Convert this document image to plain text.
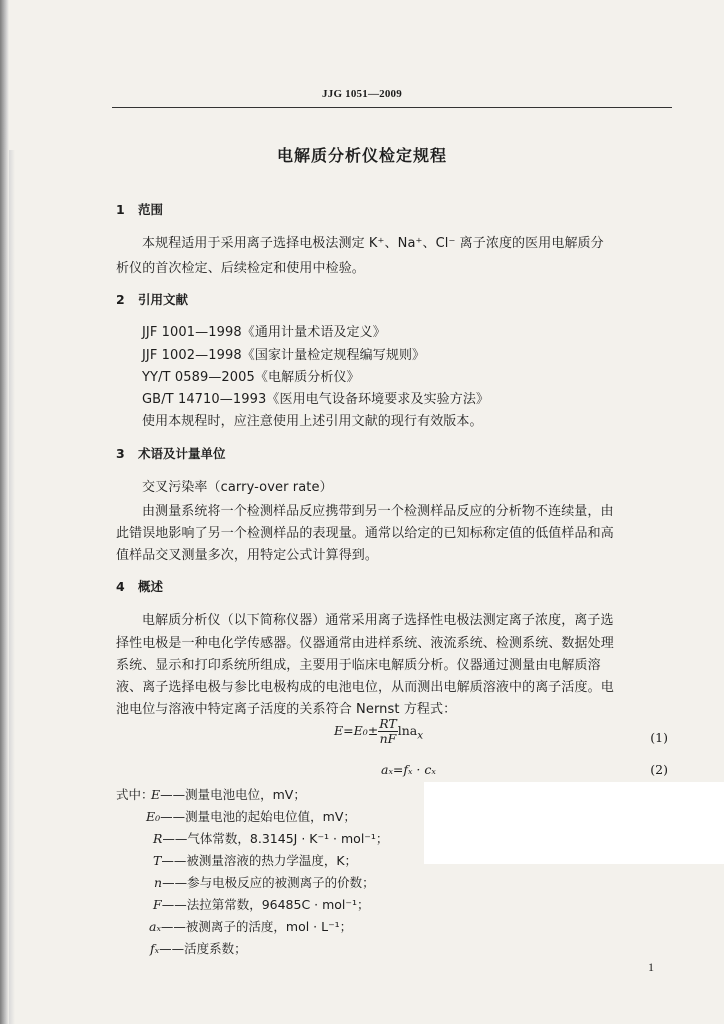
JJG 1051—2009
电解质分析仪检定规程
1 范围
本规程适用于采用离子选择电极法测定 K⁺、Na⁺、Cl⁻ 离子浓度的医用电解质分
析仪的首次检定、后续检定和使用中检验。
2 引用文献
JJF 1001—1998《通用计量术语及定义》
JJF 1002—1998《国家计量检定规程编写规则》
YY/T 0589—2005《电解质分析仪》
GB/T 14710—1993《医用电气设备环境要求及实验方法》
使用本规程时，应注意使用上述引用文献的现行有效版本。
3 术语及计量单位
交叉污染率（carry-over rate）
由测量系统将一个检测样品反应携带到另一个检测样品反应的分析物不连续量，由
此错误地影响了另一个检测样品的表现量。通常以给定的已知标称定值的低值样品和高
值样品交叉测量多次，用特定公式计算得到。
4 概述
电解质分析仪（以下简称仪器）通常采用离子选择性电极法测定离子浓度，离子选
择性电极是一种电化学传感器。仪器通常由进样系统、液流系统、检测系统、数据处理
系统、显示和打印系统所组成，主要用于临床电解质分析。仪器通过测量由电解质溶
液、离子选择电极与参比电极构成的电池电位，从而测出电解质溶液中的离子活度。电
池电位与溶液中特定离子活度的关系符合 Nernst 方程式：
$E=E_0\pm \frac{RT}{nF} \ln a_x$	(1)
aₓ=fₓ · cₓ	(2)
式中：
E——测量电池电位，mV；
E₀——测量电池的起始电位值，mV；
R——气体常数，8.3145J · K⁻¹ · mol⁻¹；
T——被测量溶液的热力学温度，K；
n——参与电极反应的被测离子的价数；
F——法拉第常数，96485C · mol⁻¹；
aₓ——被测离子的活度，mol · L⁻¹；
fₓ——活度系数；
1
